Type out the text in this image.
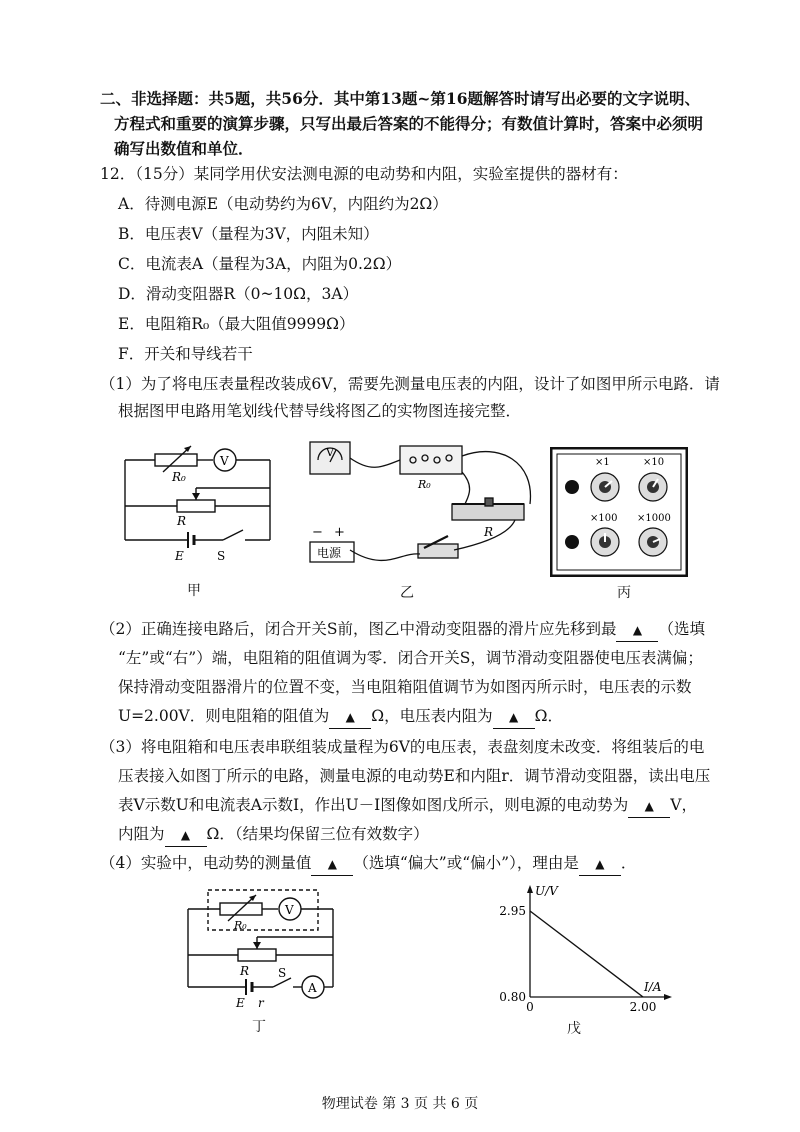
二、非选择题：共5题，共56分．其中第13题~第16题解答时请写出必要的文字说明、
方程式和重要的演算步骤，只写出最后答案的不能得分；有数值计算时，答案中必须明
确写出数值和单位．
12．（15分）某同学用伏安法测电源的电动势和内阻，实验室提供的器材有：
A．待测电源E（电动势约为6V，内阻约为2Ω）
B．电压表V（量程为3V，内阻未知）
C．电流表A（量程为3A，内阻为0.2Ω）
D．滑动变阻器R（0~10Ω，3A）
E．电阻箱R₀（最大阻值9999Ω）
F．开关和导线若干
（1）为了将电压表量程改装成6V，需要先测量电压表的内阻，设计了如图甲所示电路．请
根据图甲电路用笔划线代替导线将图乙的实物图连接完整．
R₀
V
R
E	S
甲
V
R₀
R
− +
电源
乙
×1	×10
×100 ×1000
丙
（2）正确连接电路后，闭合开关S前，图乙中滑动变阻器的滑片应先移到最 ▲ （选填
“左”或“右”）端，电阻箱的阻值调为零．闭合开关S，调节滑动变阻器使电压表满偏；
保持滑动变阻器滑片的位置不变，当电阻箱阻值调节为如图丙所示时，电压表的示数
U=2.00V．则电阻箱的阻值为 ▲ Ω，电压表内阻为 ▲ Ω．
（3）将电阻箱和电压表串联组装成量程为6V的电压表，表盘刻度未改变．将组装后的电
压表接入如图丁所示的电路，测量电源的电动势E和内阻r．调节滑动变阻器，读出电压
表V示数U和电流表A示数I，作出U－I图像如图戊所示，则电源的电动势为 ▲ V，
内阻为 ▲ Ω．（结果均保留三位有效数字）
（4）实验中，电动势的测量值 ▲ （选填“偏大”或“偏小”），理由是 ▲ ．
R₀
V
R S
A
E r
丁
U/V
I/A
2.95
0.80
0	2.00
戊
物理试卷 第 3 页 共 6 页
